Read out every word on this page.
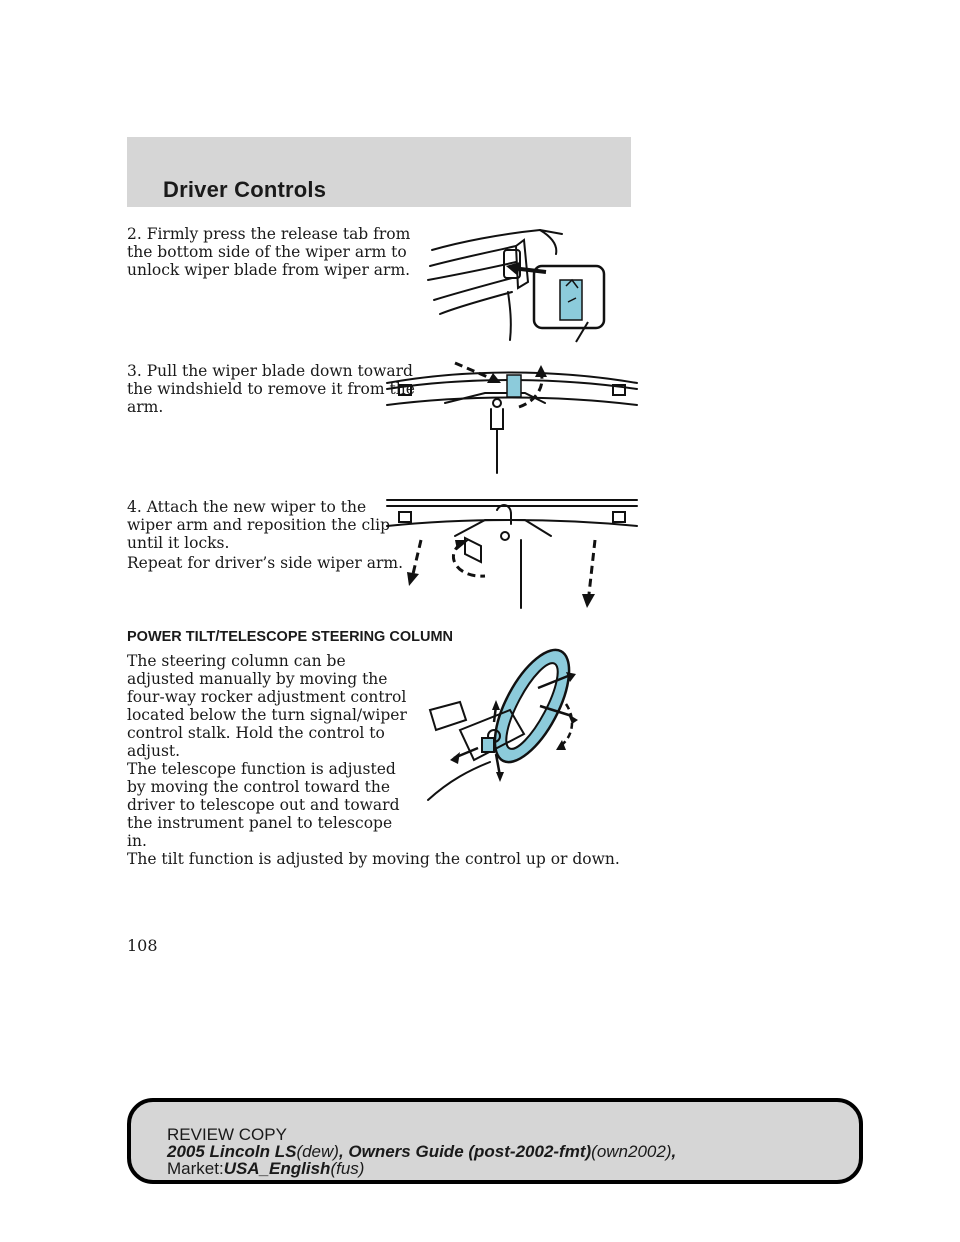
Driver Controls

2. Firmly press the release tab from
the bottom side of the wiper arm to
unlock wiper blade from wiper arm.

3. Pull the wiper blade down toward
the windshield to remove it from the
arm.

4. Attach the new wiper to the
wiper arm and reposition the clip
until it locks.

Repeat for driver’s side wiper arm.

POWER TILT/TELESCOPE STEERING COLUMN

The steering column can be
adjusted manually by moving the
four-way rocker adjustment control
located below the turn signal/wiper
control stalk. Hold the control to
adjust.

The telescope function is adjusted
by moving the control toward the
driver to telescope out and toward
the instrument panel to telescope
in.

The tilt function is adjusted by moving the control up or down.

108
REVIEW COPY
2005 Lincoln LS(dew), Owners Guide (post-2002-fmt)(own2002),
Market:USA_English(fus)
